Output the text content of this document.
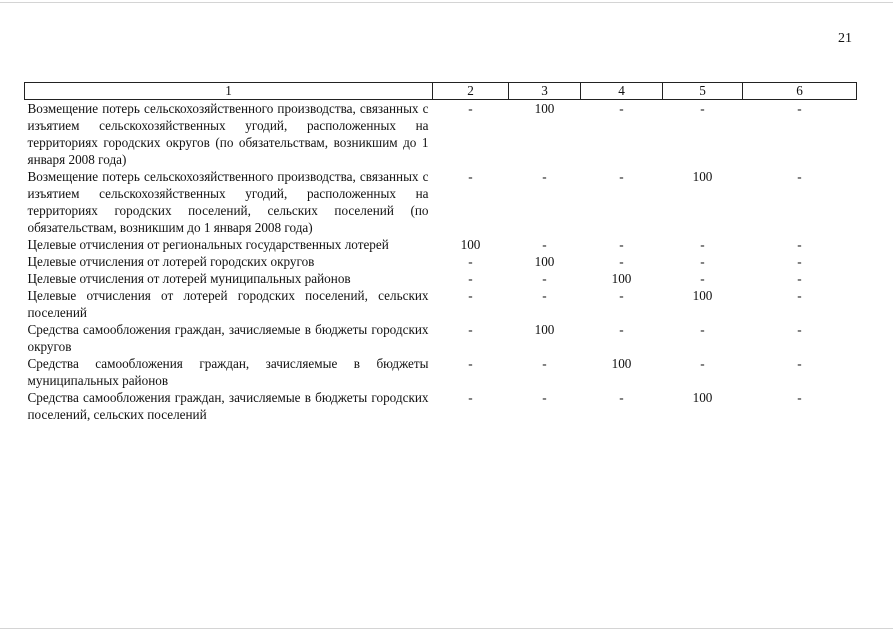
21
1	2	3	4	5	6
Возмещение потерь сельскохозяйственного производства, связанных с изъятием сельскохозяйственных угодий, расположенных на территориях городских округов (по обязательствам, возникшим до 1 января 2008 года)	-	100	-	-	-
Возмещение потерь сельскохозяйственного производства, связанных с изъятием сельскохозяйственных угодий, расположенных на территориях городских поселений, сельских поселений (по обязательствам, возникшим до 1 января 2008 года)	-	-	-	100	-
Целевые отчисления от региональных государственных лотерей	100	-	-	-	-
Целевые отчисления от лотерей городских округов	-	100	-	-	-
Целевые отчисления от лотерей муниципальных районов	-	-	100	-	-
Целевые отчисления от лотерей городских поселений, сельских поселений	-	-	-	100	-
Средства самообложения граждан, зачисляемые в бюджеты городских округов	-	100	-	-	-
Средства самообложения граждан, зачисляемые в бюджеты муниципальных районов	-	-	100	-	-
Средства самообложения граждан, зачисляемые в бюджеты городских поселений, сельских поселений	-	-	-	100	-
